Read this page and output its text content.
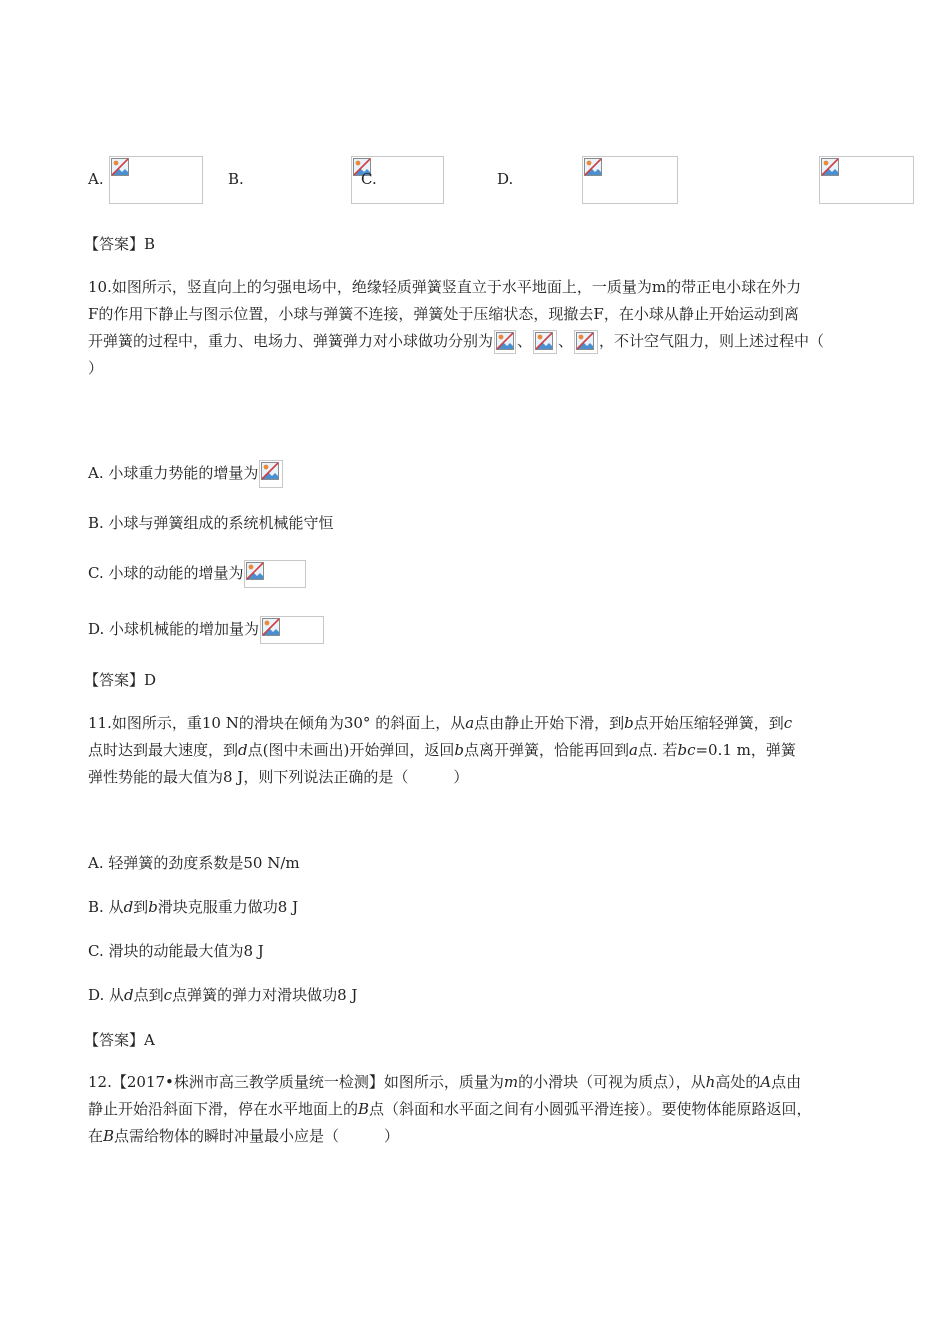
A.
	B.
	C.
	D.
【答案】B
10.如图所示，竖直向上的匀强电场中，绝缘轻质弹簧竖直立于水平地面上，一质量为m的带正电小球在外力
F的作用下静止与图示位置，小球与弹簧不连接，弹簧处于压缩状态，现撤去F，在小球从静止开始运动到离
开弹簧的过程中，重力、电场力、弹簧弹力对小球做功分别为 、 、 ，不计空气阻力，则上述过程中（
）
A. 小球重力势能的增量为
B. 小球与弹簧组成的系统机械能守恒
C. 小球的动能的增量为
D. 小球机械能的增加量为
【答案】D
11.如图所示，重10 N的滑块在倾角为30° 的斜面上，从a点由静止开始下滑，到b点开始压缩轻弹簧，到c
点时达到最大速度，到d点(图中未画出)开始弹回，返回b点离开弹簧，恰能再回到a点. 若bc=0.1 m，弹簧
弹性势能的最大值为8 J，则下列说法正确的是（　　　）
A. 轻弹簧的劲度系数是50 N/m
B. 从d到b滑块克服重力做功8 J
C. 滑块的动能最大值为8 J
D. 从d点到c点弹簧的弹力对滑块做功8 J
【答案】A
12.【2017•株洲市高三教学质量统一检测】如图所示，质量为m的小滑块（可视为质点），从h高处的A点由
静止开始沿斜面下滑，停在水平地面上的B点（斜面和水平面之间有小圆弧平滑连接）。要使物体能原路返回，
在B点需给物体的瞬时冲量最小应是（　　　）
